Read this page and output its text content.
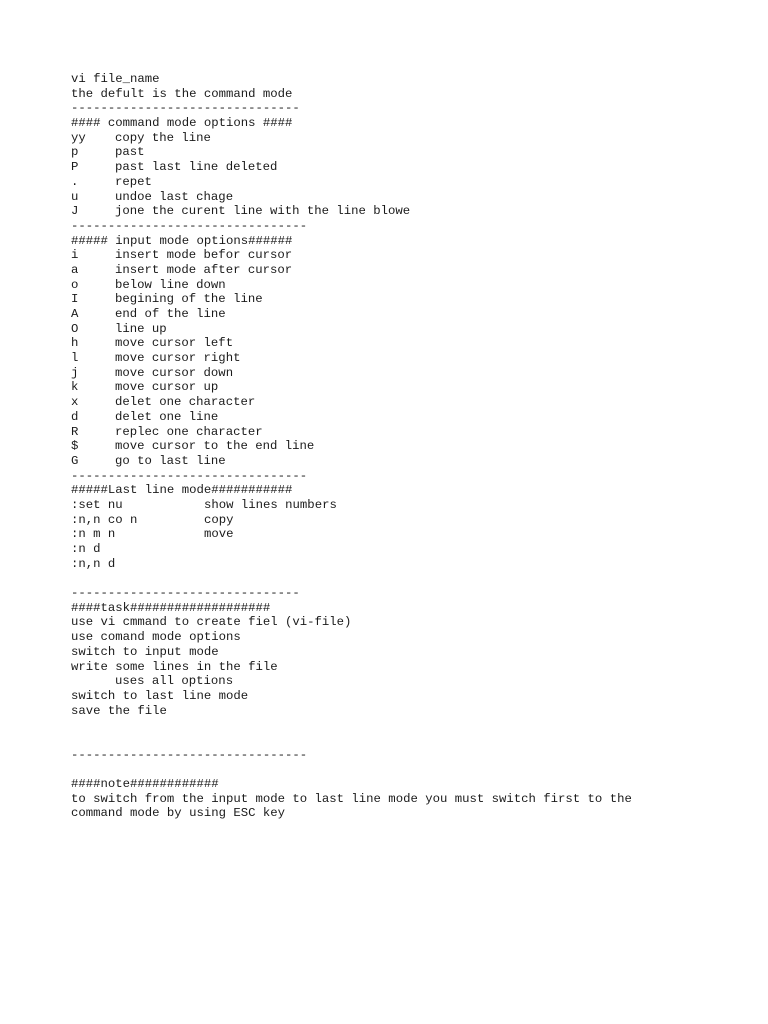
vi file_name
the defult is the command mode
-------------------------------
#### command mode options ####
yy	copy the line
p	past
P	past last line deleted
.	repet
u	undoe last chage
J	jone the curent line with the line blowe
--------------------------------
##### input mode options######
i	insert mode befor cursor
a	insert mode after cursor
o	below line down
I	begining of the line
A	end of the line
O	line up
h	move cursor left
l	move cursor right
j	move cursor down
k	move cursor up
x	delet one character
d	delet one line
R	replec one character
$	move cursor to the end line
G	go to last line
--------------------------------
#####Last line mode###########
:set nu	show lines numbers
:n,n co n	copy
:n m n	move
:n d
:n,n d
-------------------------------
####task###################
use vi cmmand to create fiel (vi-file)
use comand mode options
switch to input mode
write some lines in the file
uses all options
switch to last line mode
save the file
--------------------------------
####note############
to switch from the input mode to last line mode you must switch first to the
command mode by using ESC key
